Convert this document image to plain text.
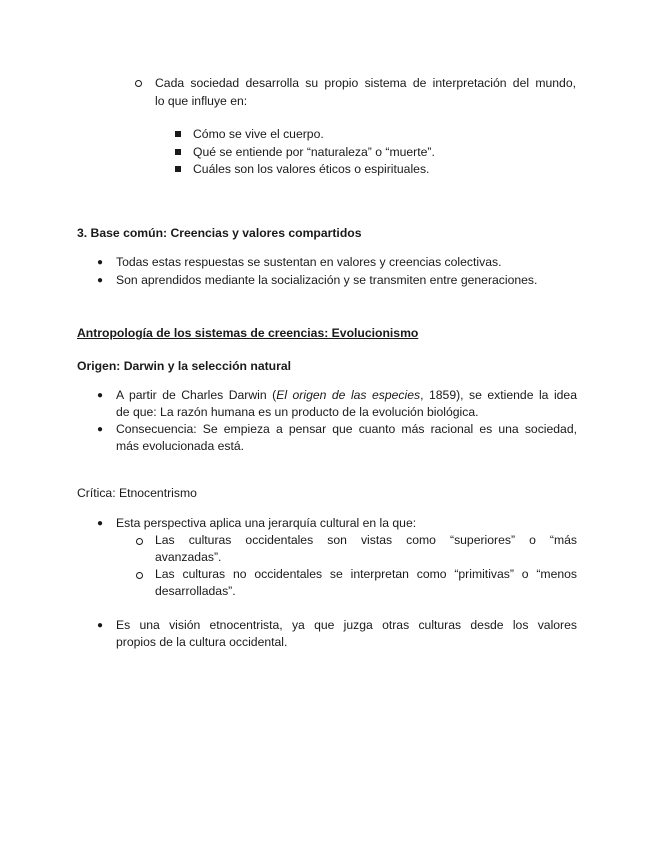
Cada sociedad desarrolla su propio sistema de interpretación del mundo,
lo que influye en:
Cómo se vive el cuerpo.
Qué se entiende por “naturaleza” o “muerte”.
Cuáles son los valores éticos o espirituales.
3. Base común: Creencias y valores compartidos
● Todas estas respuestas se sustentan en valores y creencias colectivas.
● Son aprendidos mediante la socialización y se transmiten entre generaciones.
Antropología de los sistemas de creencias: Evolucionismo
Origen: Darwin y la selección natural
● A partir de Charles Darwin (El origen de las especies, 1859), se extiende la idea
de que: La razón humana es un producto de la evolución biológica.
● Consecuencia: Se empieza a pensar que cuanto más racional es una sociedad,
más evolucionada está.
Crítica: Etnocentrismo
● Esta perspectiva aplica una jerarquía cultural en la que:
Las culturas occidentales son vistas como “superiores” o “más
avanzadas”.
Las culturas no occidentales se interpretan como “primitivas” o “menos
desarrolladas”.
● Es una visión etnocentrista, ya que juzga otras culturas desde los valores
propios de la cultura occidental.
